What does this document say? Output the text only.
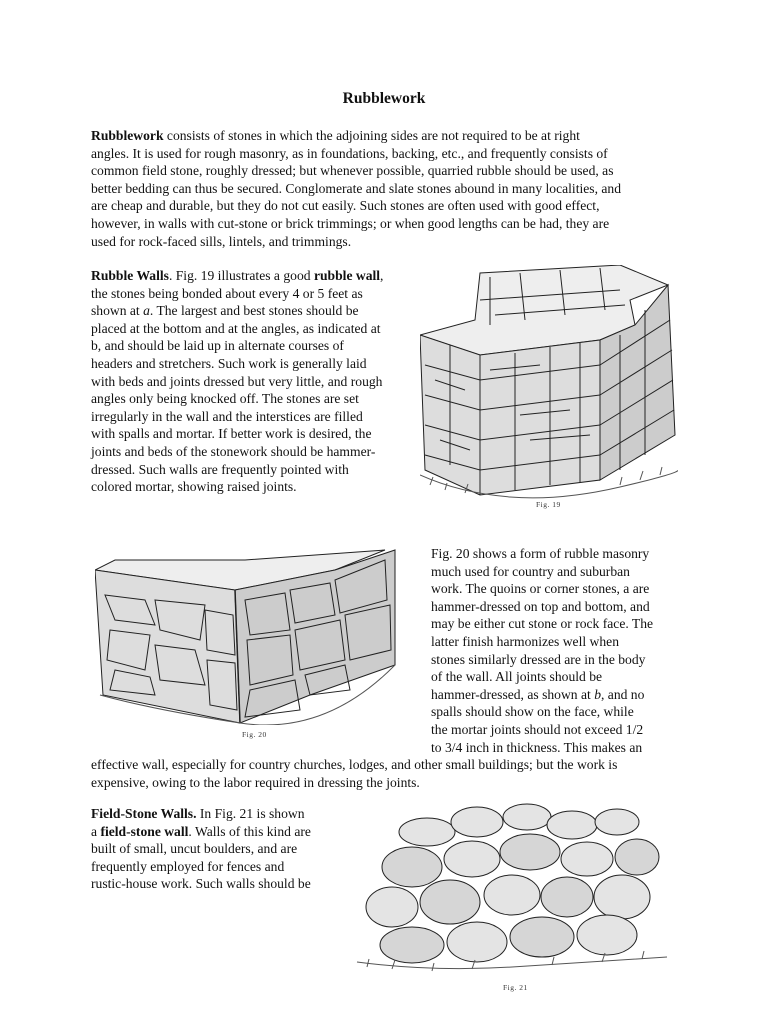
Rubblework
Rubblework consists of stones in which the adjoining sides are not required to be at right
angles. It is used for rough masonry, as in foundations, backing, etc., and frequently consists of
common field stone, roughly dressed; but whenever possible, quarried rubble should be used, as
better bedding can thus be secured. Conglomerate and slate stones abound in many localities, and
are cheap and durable, but they do not cut easily. Such stones are often used with good effect,
however, in walls with cut-stone or brick trimmings; or when good lengths can be had, they are
used for rock-faced sills, lintels, and trimmings.
Rubble Walls. Fig. 19 illustrates a good rubble wall,
the stones being bonded about every 4 or 5 feet as
shown at a. The largest and best stones should be
placed at the bottom and at the angles, as indicated at
b, and should be laid up in alternate courses of
headers and stretchers. Such work is generally laid
with beds and joints dressed but very little, and rough
angles only being knocked off. The stones are set
irregularly in the wall and the interstices are filled
with spalls and mortar. If better work is desired, the
joints and beds of the stonework should be hammer-
dressed. Such walls are frequently pointed with
colored mortar, showing raised joints.
Fig. 19
Fig. 20 shows a form of rubble masonry
much used for country and suburban
work. The quoins or corner stones, a are
hammer-dressed on top and bottom, and
may be either cut stone or rock face. The
latter finish harmonizes well when
stones similarly dressed are in the body
of the wall. All joints should be
hammer-dressed, as shown at b, and no
spalls should show on the face, while
the mortar joints should not exceed 1/2
to 3/4 inch in thickness. This makes an
effective wall, especially for country churches, lodges, and other small buildings; but the work is
expensive, owing to the labor required in dressing the joints.
Fig. 20
Field-Stone Walls. In Fig. 21 is shown
a field-stone wall. Walls of this kind are
built of small, uncut boulders, and are
frequently employed for fences and
rustic-house work. Such walls should be
Fig. 21
